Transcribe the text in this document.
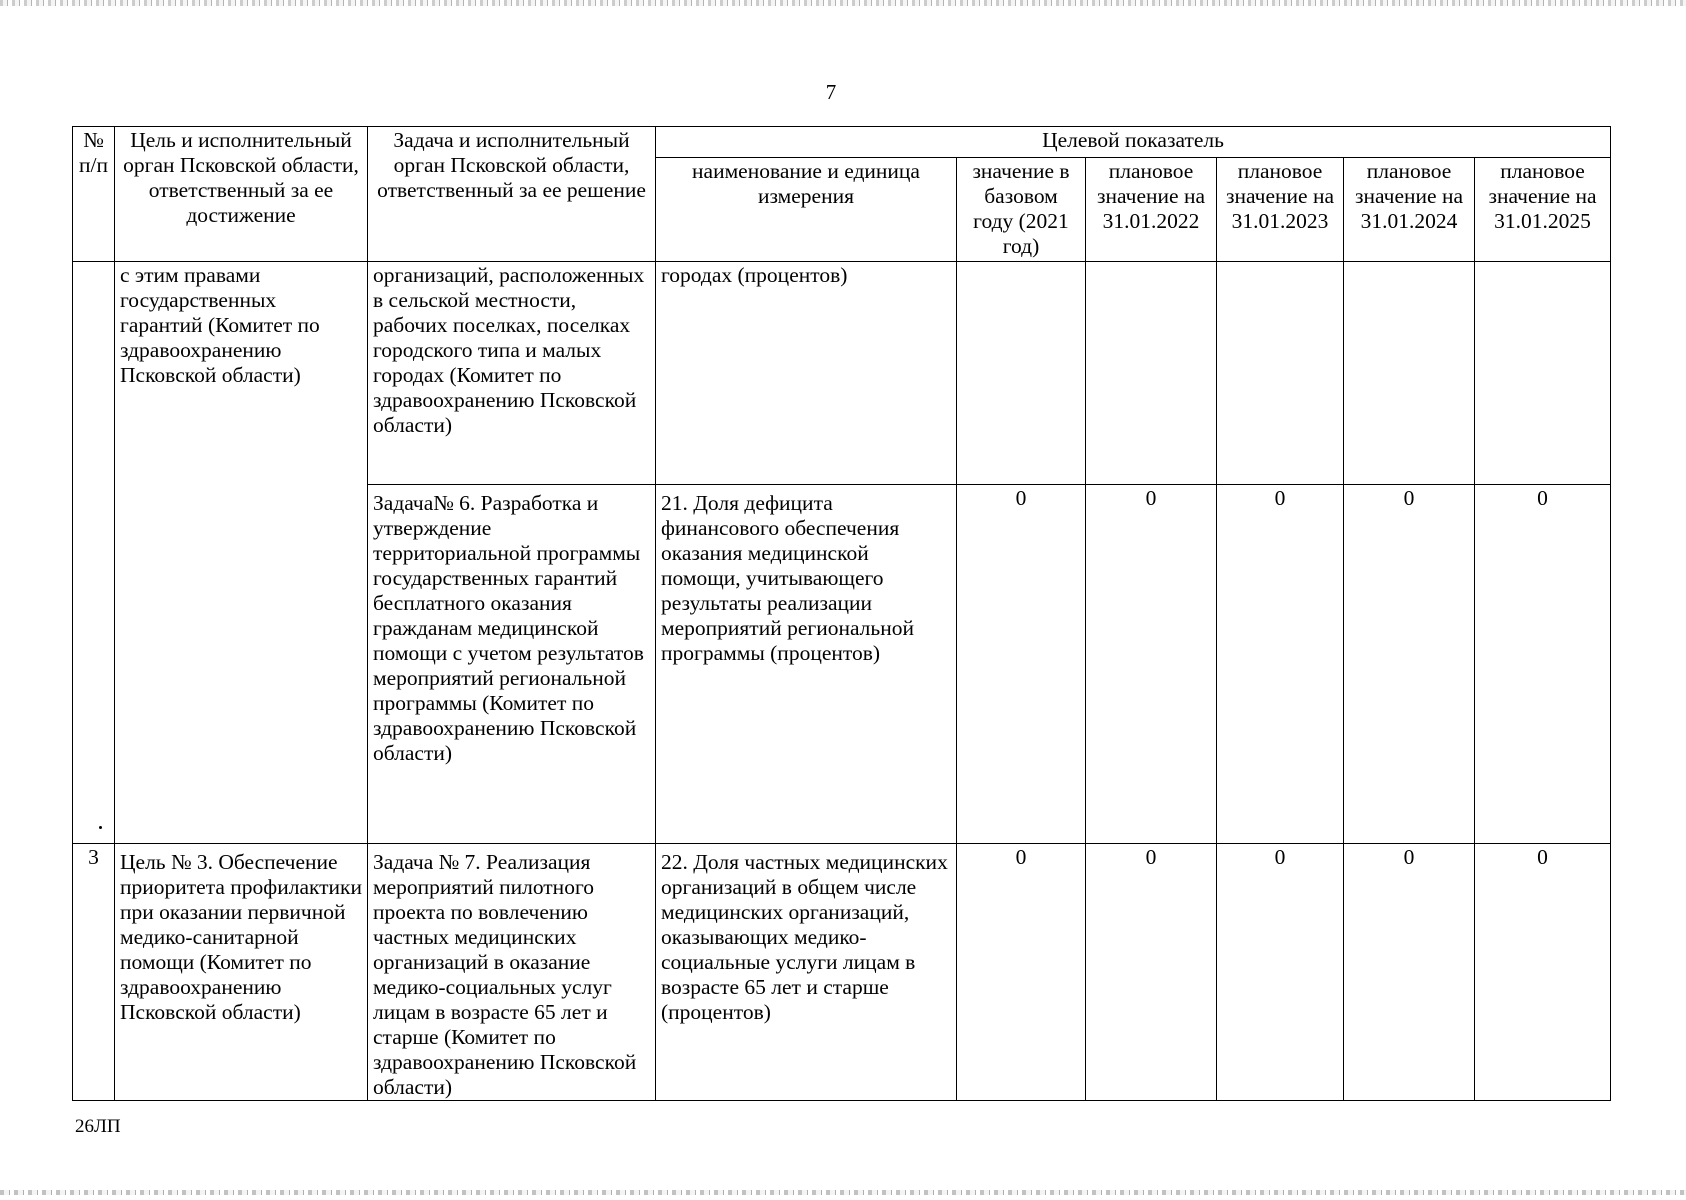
7
№ п/п	Цель и исполнительный орган Псковской области, ответственный за ее достижение	Задача и исполнительный орган Псковской области, ответственный за ее решение	Целевой показатель					
			наименование и единица измерения	значение в базовом году (2021 год)	плановое значение на 31.01.2022	плановое значение на 31.01.2023	плановое значение на 31.01.2024	плановое значение на 31.01.2025
	с этим правами государственных гарантий (Комитет по здравоохранению Псковской области)	организаций, расположенных в сельской местности, рабочих поселках, поселках городского типа и малых городах (Комитет по здравоохранению Псковской области)	городах (процентов)					
		Задача№ 6. Разработка и утверждение территориальной программы государственных гарантий бесплатного оказания гражданам медицинской помощи с учетом результатов мероприятий региональной программы (Комитет по здравоохранению Псковской области)	21. Доля дефицита финансового обеспечения оказания медицинской помощи, учитывающего результаты реализации мероприятий региональной программы (процентов)	0	0	0	0	0
3	Цель № 3. Обеспечение приоритета профилактики при оказании первичной медико-санитарной помощи (Комитет по здравоохранению Псковской области)	Задача № 7. Реализация мероприятий пилотного проекта по вовлечению частных медицинских организаций в оказание медико-социальных услуг лицам в возрасте 65 лет и старше (Комитет по здравоохранению Псковской области)	22. Доля частных медицинских организаций в общем числе медицинских организаций, оказывающих медико-социальные услуги лицам в возрасте 65 лет и старше (процентов)	0	0	0	0	0
26ЛП
